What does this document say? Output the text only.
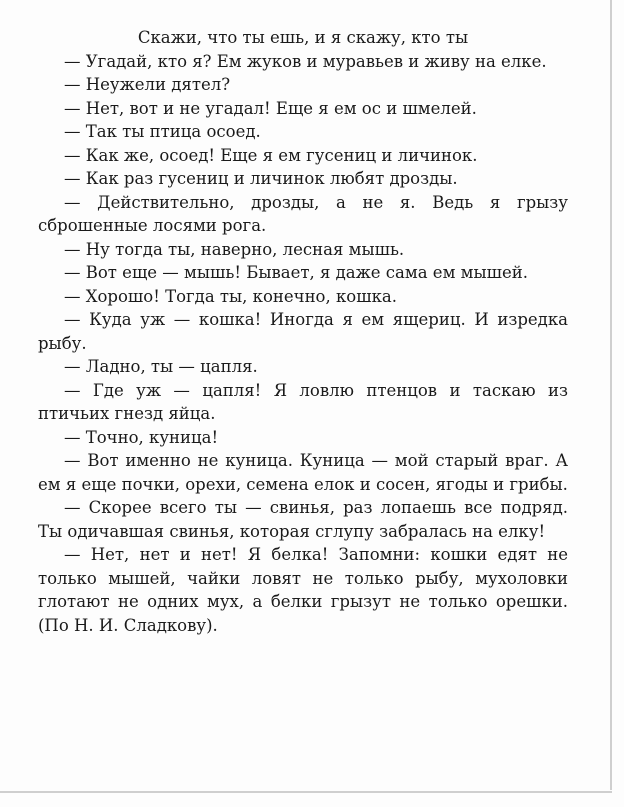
Скажи, что ты ешь, и я скажу, кто ты

— Угадай, кто я? Ем жуков и муравьев и живу на елке.

— Неужели дятел?

— Нет, вот и не угадал! Еще я ем ос и шмелей.

— Так ты птица осоед.

— Как же, осоед! Еще я ем гусениц и личинок.

— Как раз гусениц и личинок любят дрозды.

— Действительно, дрозды, а не я. Ведь я грызу сброшенные лосями рога.

— Ну тогда ты, наверно, лесная мышь.

— Вот еще — мышь! Бывает, я даже сама ем мышей.

— Хорошо! Тогда ты, конечно, кошка.

— Куда уж — кошка! Иногда я ем ящериц. И изредка рыбу.

— Ладно, ты — цапля.

— Где уж — цапля! Я ловлю птенцов и таскаю из птичьих гнезд яйца.

— Точно, куница!

— Вот именно не куница. Куница — мой старый враг. А ем я еще почки, орехи, семена елок и сосен, ягоды и грибы.

— Скорее всего ты — свинья, раз лопаешь все подряд. Ты одичавшая свинья, которая сглупу забралась на елку!

— Нет, нет и нет! Я белка! Запомни: кошки едят не только мышей, чайки ловят не только рыбу, мухоловки глотают не одних мух, а белки грызут не только орешки. (По Н. И. Сладкову).
